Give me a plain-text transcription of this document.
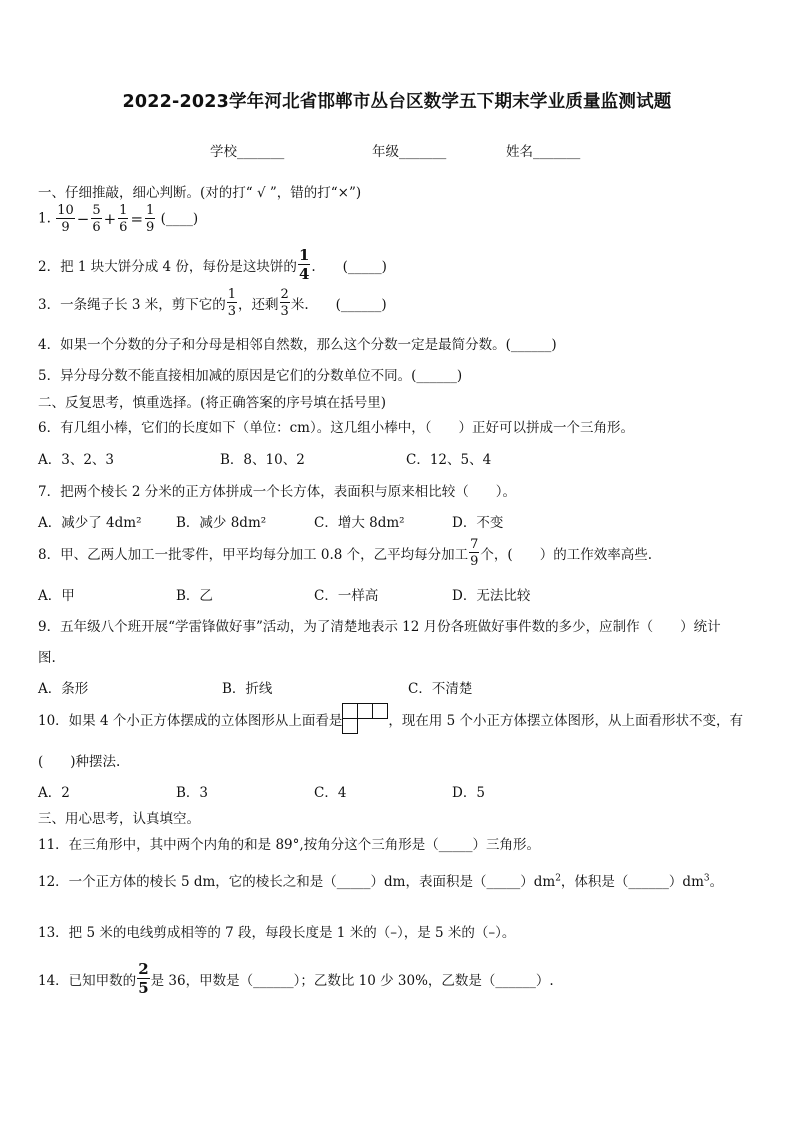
2022-2023学年河北省邯郸市丛台区数学五下期末学业质量监测试题
学校_______	年级_______	姓名_______
一、仔细推敲，细心判断。(对的打“ √ ”，错的打“×”)
1. $\frac{10}{9} - \frac{5}{6} + \frac{1}{6} = \frac{1}{9}$ (____)
2．把 1 块大饼分成 4 份，每份是这块饼的 $\frac{1}{4}$ .　　(_____)
3．一条绳子长 3 米，剪下它的 $\frac{1}{3}$ ，还剩 $\frac{2}{3}$ 米.　　(______)
4．如果一个分数的分子和分母是相邻自然数，那么这个分数一定是最简分数。(______)
5．异分母分数不能直接相加减的原因是它们的分数单位不同。(______)
二、反复思考，慎重选择。(将正确答案的序号填在括号里)
6．有几组小棒，它们的长度如下（单位：cm）。这几组小棒中，（　　）正好可以拼成一个三角形。
A．3、2、3	B．8、10、2	C．12、5、4
7．把两个棱长 2 分米的正方体拼成一个长方体，表面积与原来相比较（　　）。
A．减少了 4dm²	B．减少 8dm²	C．增大 8dm²	D．不变
8．甲、乙两人加工一批零件，甲平均每分加工 0.8 个，乙平均每分加工 $\frac{7}{9}$ 个，(　　）的工作效率高些.
A．甲	B．乙	C．一样高	D．无法比较
9．五年级八个班开展“学雷锋做好事”活动，为了清楚地表示 12 月份各班做好事件数的多少，应制作（　　）统计
图.
A．条形	B．折线	C．不清楚
10．如果 4 个小正方体摆成的立体图形从上面看是	，现在用 5 个小正方体摆立体图形，从上面看形状不变，有
(　　)种摆法.
A．2	B．3	C．4	D．5
三、用心思考，认真填空。
11．在三角形中，其中两个内角的和是 89°,按角分这个三角形是（_____）三角形。
12．一个正方体的棱长 5 dm，它的棱长之和是（_____）dm，表面积是$(\_\_\_\_\_)dm^2$，体积是$(\_\_\_\_\_\_)dm^3$。
13．把 5 米的电线剪成相等的 7 段，每段长度是 1 米的（–），是 5 米的（–）。
14．已知甲数的 $\frac{2}{5}$ 是 36，甲数是（______）；乙数比 10 少 30%，乙数是（______）.
